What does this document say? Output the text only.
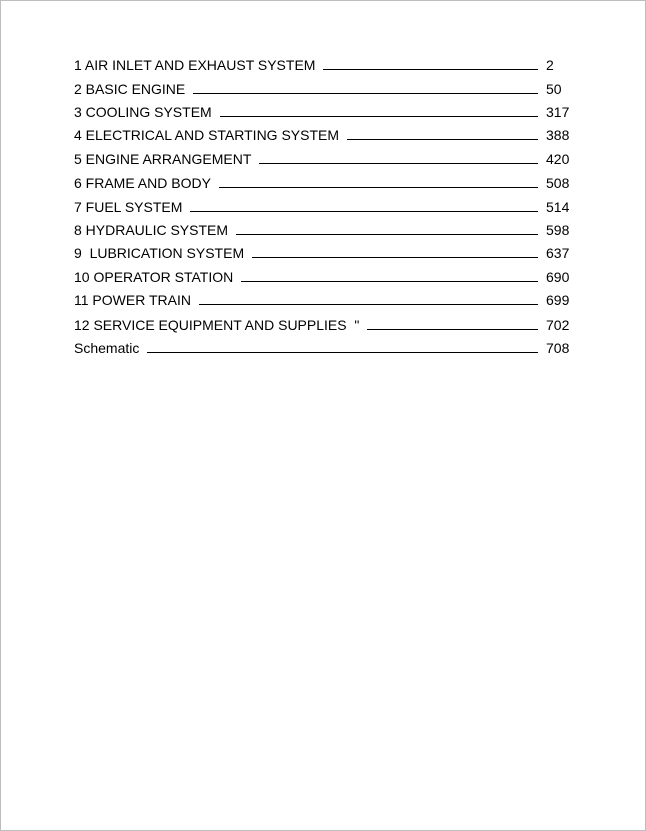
1 AIR INLET AND EXHAUST SYSTEM	2
2 BASIC ENGINE	50
3 COOLING SYSTEM	317
4 ELECTRICAL AND STARTING SYSTEM	388
5 ENGINE ARRANGEMENT	420
6 FRAME AND BODY	508
7 FUEL SYSTEM	514
8 HYDRAULIC SYSTEM	598
9  LUBRICATION SYSTEM	637
10 OPERATOR STATION	690
11 POWER TRAIN	699
12 SERVICE EQUIPMENT AND SUPPLIES  "	702
Schematic	708
